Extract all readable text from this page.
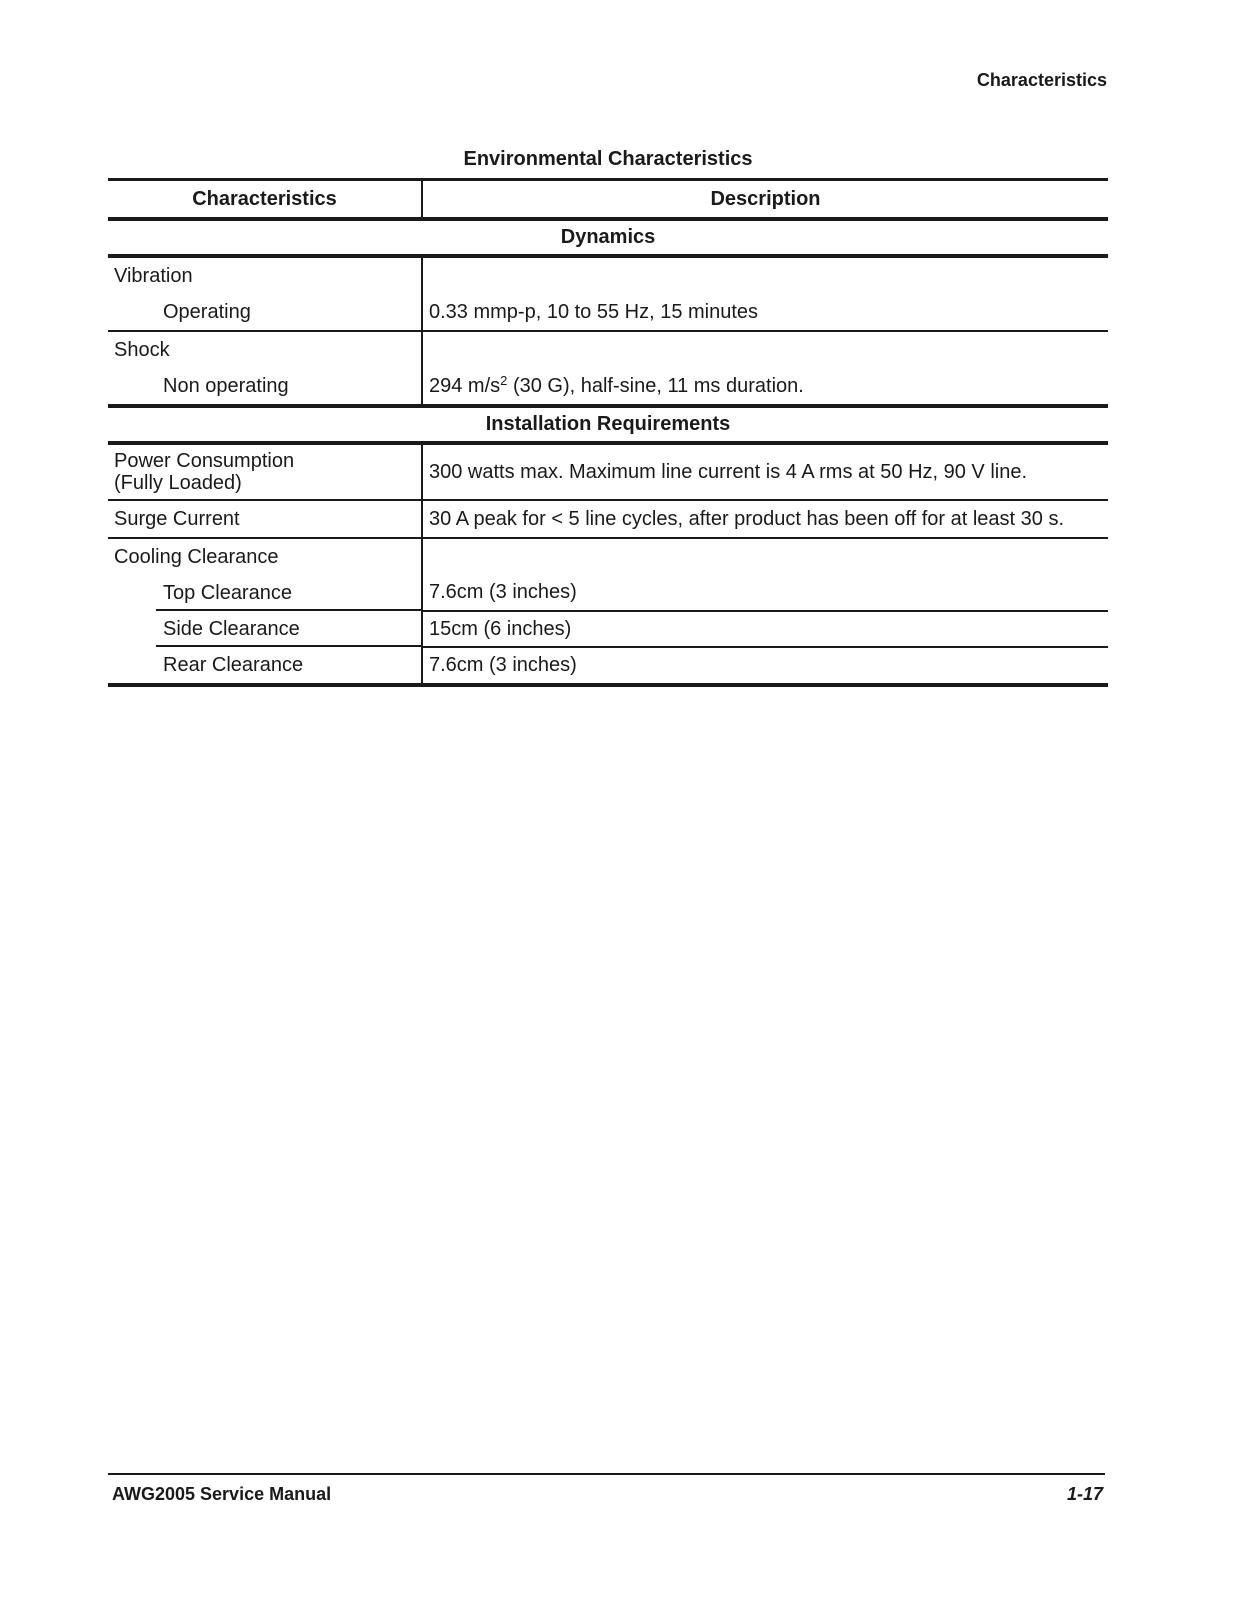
Characteristics
Environmental Characteristics
Characteristics	Description
Dynamics	
Vibration	
Operating	0.33 mmp-p, 10 to 55 Hz, 15 minutes
Shock	
Non operating	294 $m/s^2$ (30 G), half-sine, 11 ms duration.
Installation Requirements	

Power Consumption
(Fully Loaded)	300 watts max. Maximum line current is 4 A rms at 50 Hz, 90 V line.
Surge Current	30 A peak for < 5 line cycles, after product has been off for at least 30 s.
Cooling Clearance	
Top Clearance	7.6cm (3 inches)
Side Clearance	15cm (6 inches)
Rear Clearance	7.6cm (3 inches)
AWG2005 Service Manual	1-17
